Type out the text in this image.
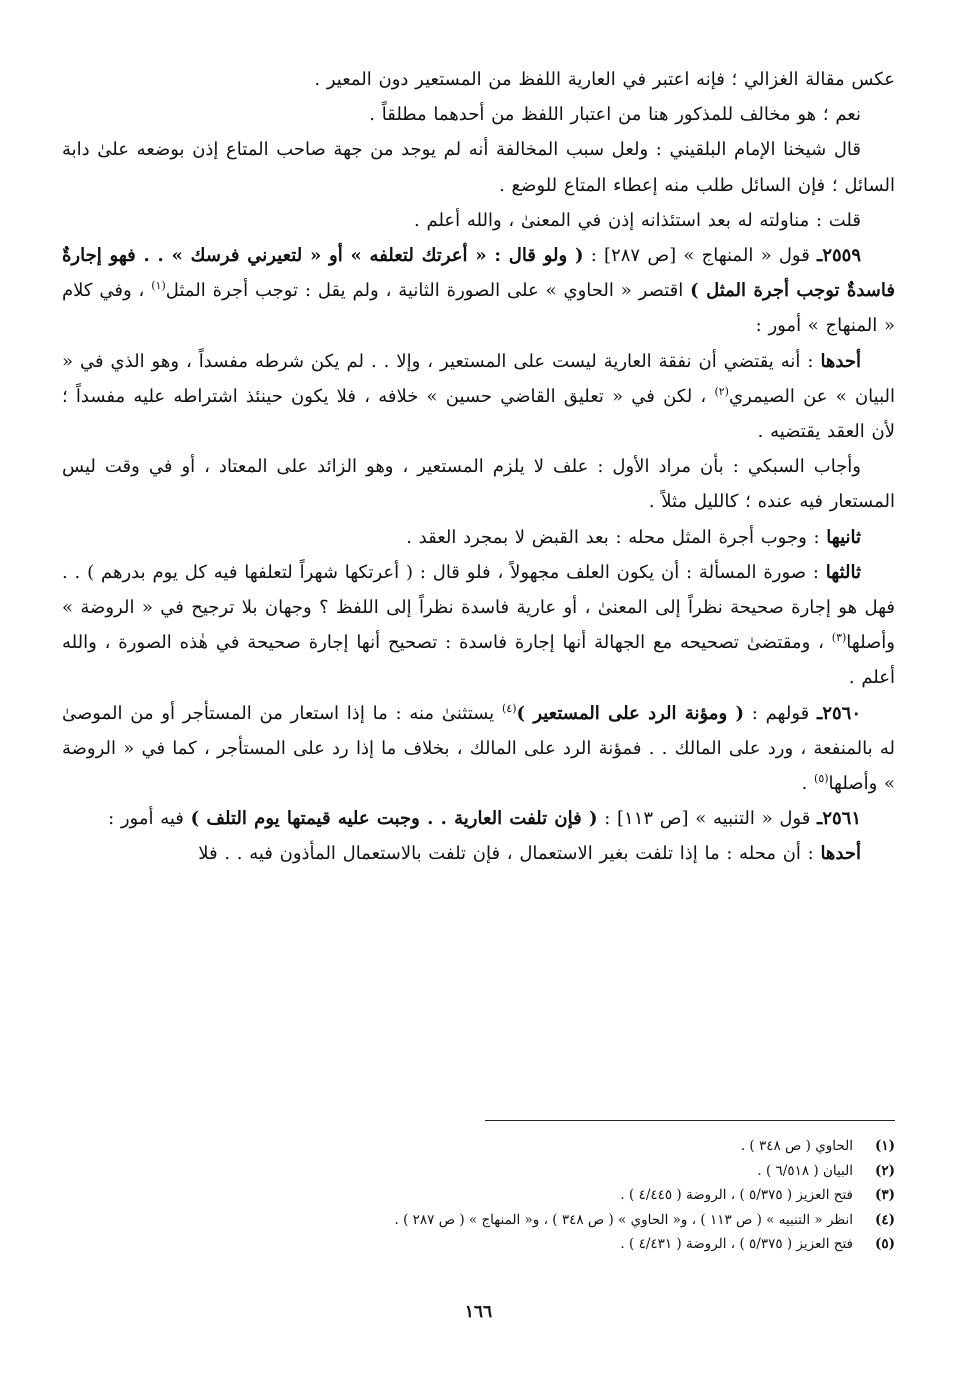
عكس مقالة الغزالي ؛ فإنه اعتبر في العارية اللفظ من المستعير دون المعير .

نعم ؛ هو مخالف للمذكور هنا من اعتبار اللفظ من أحدهما مطلقاً .

قال شيخنا الإمام البلقيني : ولعل سبب المخالفة أنه لم يوجد من جهة صاحب المتاع إذن بوضعه علىٰ دابة السائل ؛ فإن السائل طلب منه إعطاء المتاع للوضع .

قلت : مناولته له بعد استئذانه إذن في المعنىٰ ، والله أعلم .

٢٥٥٩ـ قول « المنهاج » [ص ٢٨٧] : ( ولو قال : « أعرتك لتعلفه » أو « لتعيرني فرسك » . . فهو إجارةٌ فاسدةٌ توجب أجرة المثل ) اقتصر « الحاوي » على الصورة الثانية ، ولم يقل : توجب أجرة المثل$^{(١)}$ ، وفي كلام « المنهاج » أمور :

أحدها : أنه يقتضي أن نفقة العارية ليست على المستعير ، وإلا . . لم يكن شرطه مفسداً ، وهو الذي في « البيان » عن الصيمري$^{(٢)}$ ، لكن في « تعليق القاضي حسين » خلافه ، فلا يكون حينئذ اشتراطه عليه مفسداً ؛ لأن العقد يقتضيه .

وأجاب السبكي : بأن مراد الأول : علف لا يلزم المستعير ، وهو الزائد على المعتاد ، أو في وقت ليس المستعار فيه عنده ؛ كالليل مثلاً .

ثانيها : وجوب أجرة المثل محله : بعد القبض لا بمجرد العقد .

ثالثها : صورة المسألة : أن يكون العلف مجهولاً ، فلو قال : ( أعرتكها شهراً لتعلفها فيه كل يوم بدرهم ) . . فهل هو إجارة صحيحة نظراً إلى المعنىٰ ، أو عارية فاسدة نظراً إلى اللفظ ؟ وجهان بلا ترجيح في « الروضة » وأصلها$^{(٣)}$ ، ومقتضىٰ تصحيحه مع الجهالة أنها إجارة فاسدة : تصحيح أنها إجارة صحيحة في هٰذه الصورة ، والله أعلم .

٢٥٦٠ـ قولهم : ( ومؤنة الرد على المستعير )$^{(٤)}$ يستثنىٰ منه : ما إذا استعار من المستأجر أو من الموصىٰ له بالمنفعة ، ورد على المالك . . فمؤنة الرد على المالك ، بخلاف ما إذا رد على المستأجر ، كما في « الروضة » وأصلها$^{(٥)}$ .

٢٥٦١ـ قول « التنبيه » [ص ١١٣] : ( فإن تلفت العارية . . وجبت عليه قيمتها يوم التلف ) فيه أمور :

أحدها : أن محله : ما إذا تلفت بغير الاستعمال ، فإن تلفت بالاستعمال المأذون فيه . . فلا

(١)
الحاوي ( ص ٣٤٨ ) .
(٢)
البيان ( ٦/٥١٨ ) .
(٣)
فتح العزيز ( ٥/٣٧٥ ) ، الروضة ( ٤/٤٤٥ ) .
(٤)
انظر « التنبيه » ( ص ١١٣ ) ، و« الحاوي » ( ص ٣٤٨ ) ، و« المنهاج » ( ص ٢٨٧ ) .
(٥)
فتح العزيز ( ٥/٣٧٥ ) ، الروضة ( ٤/٤٣١ ) .
١٦٦
